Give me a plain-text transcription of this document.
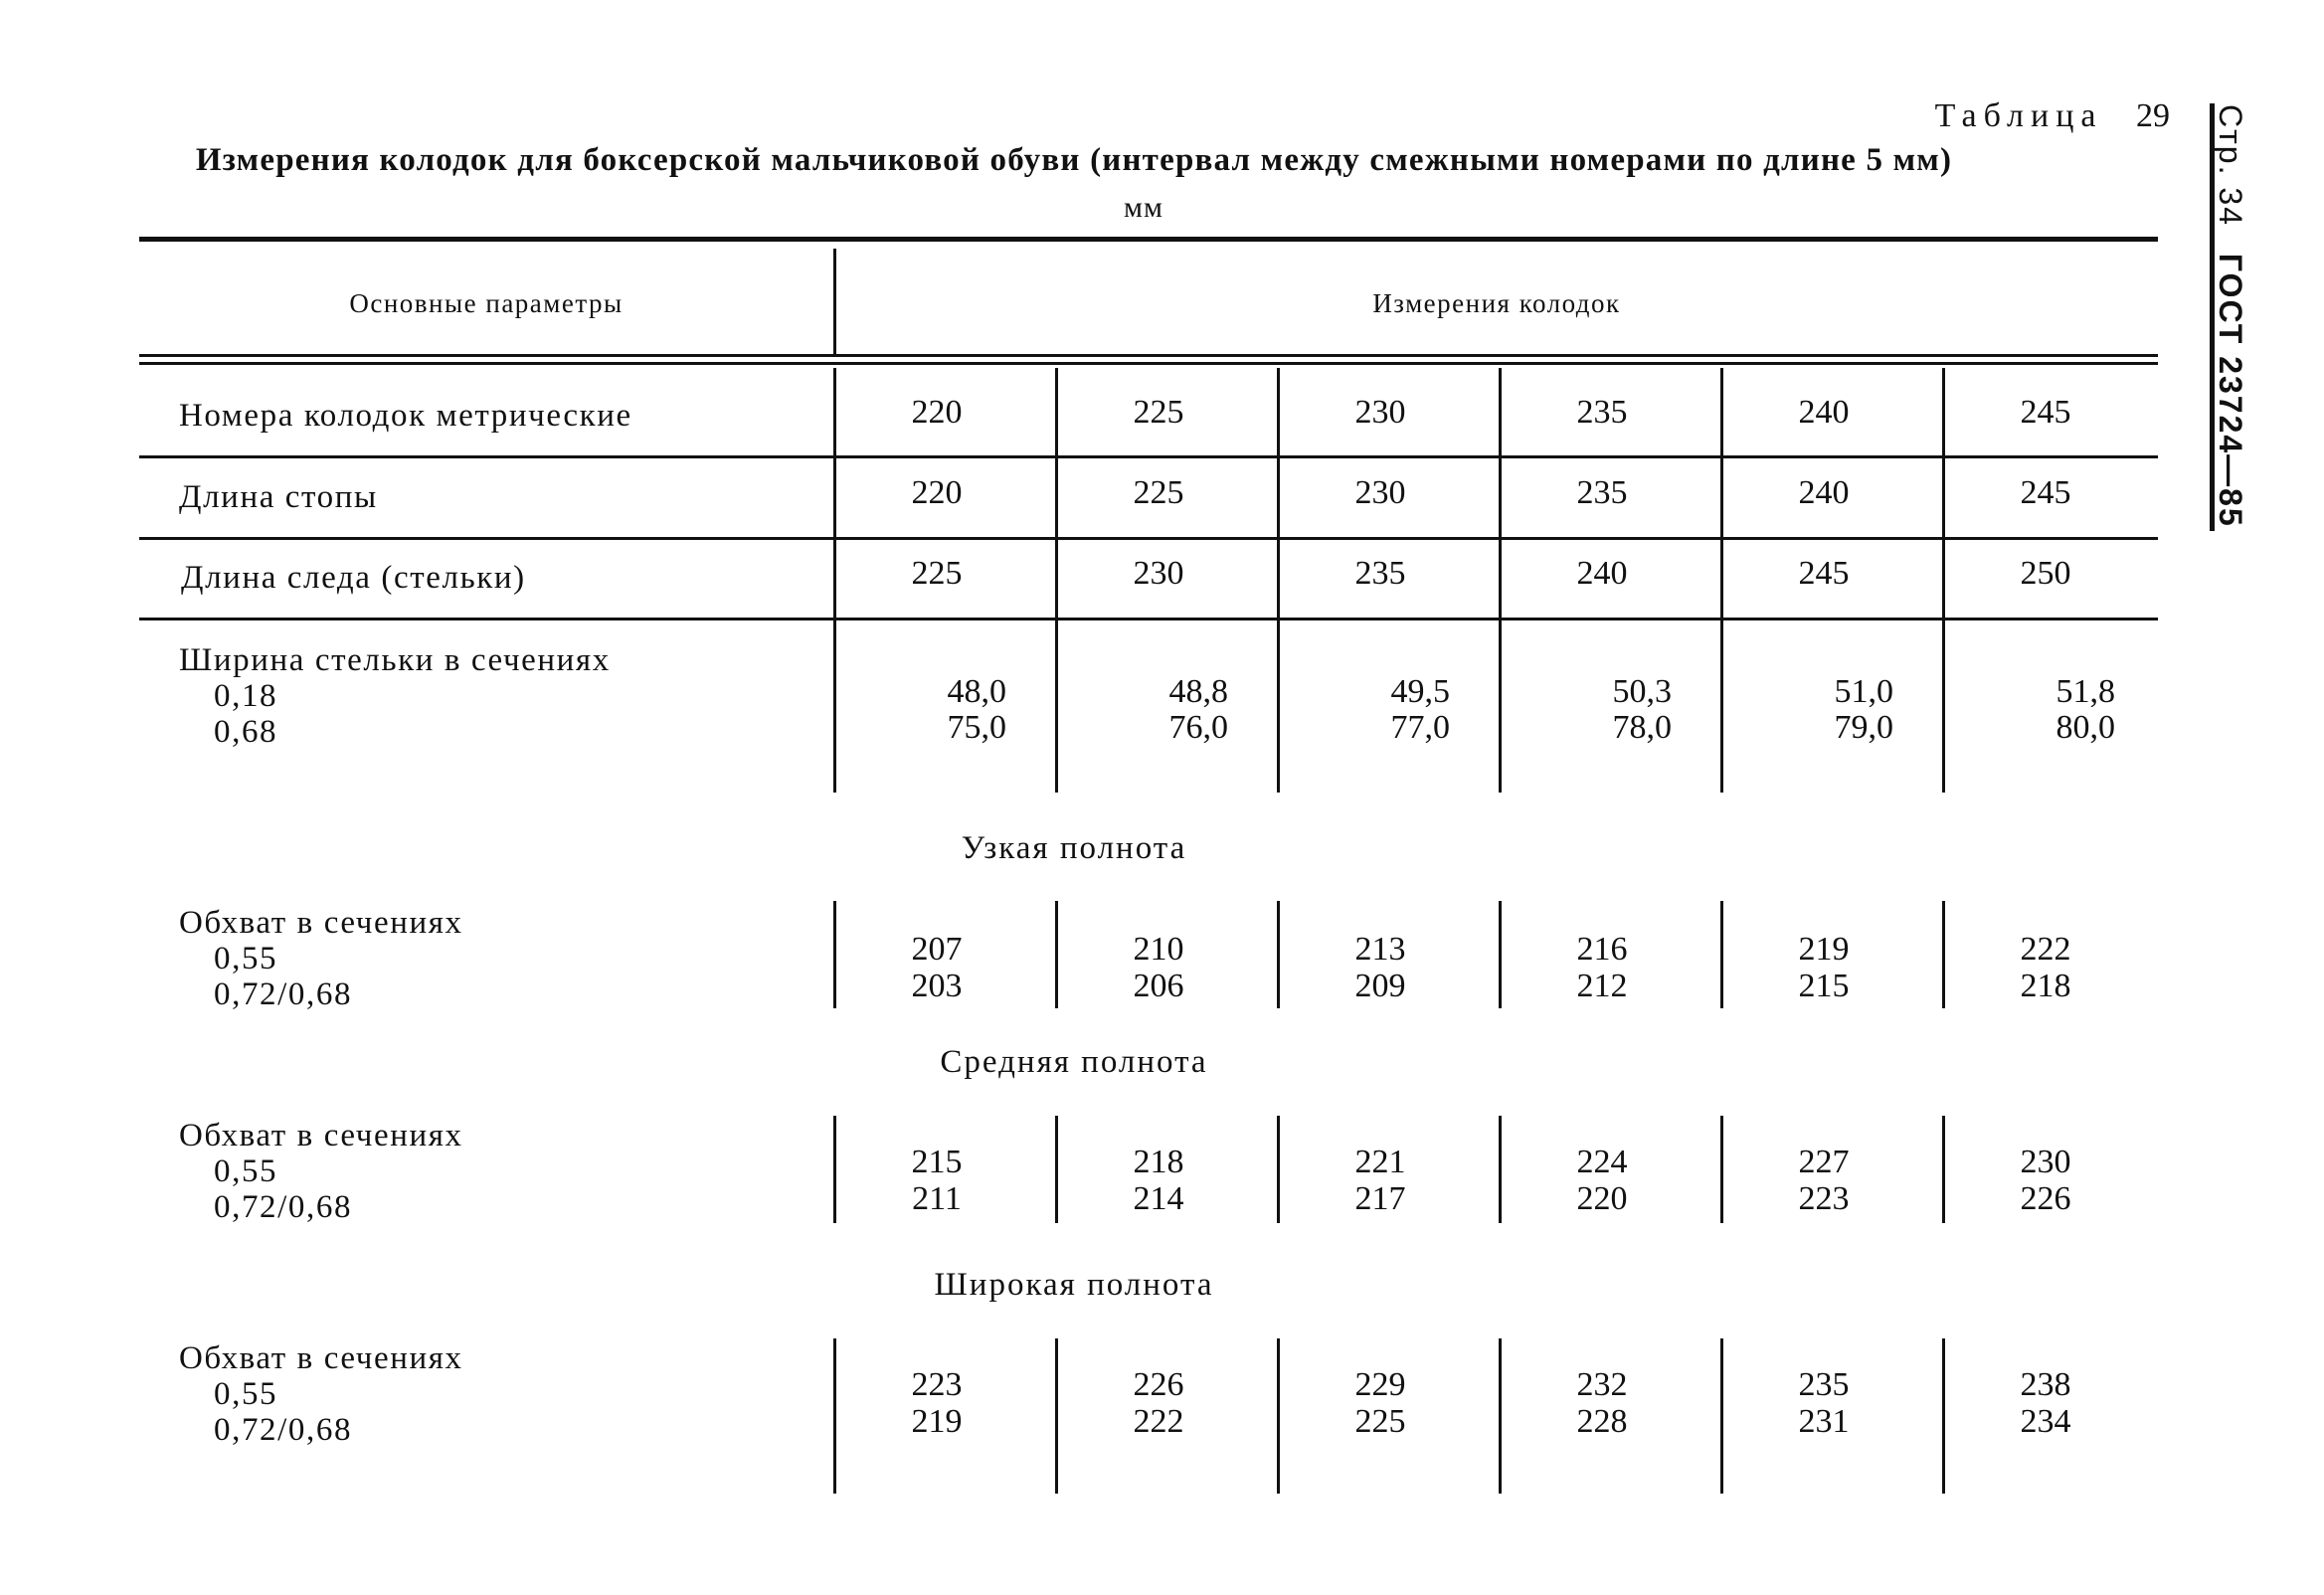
Таблица 29
Измерения колодок для боксерской мальчиковой обуви (интервал между смежными номерами по длине 5 мм)
мм	Стр. 34 ГОСТ 23724—85
Основные параметры	Измерения колодок
Номера колодок метрические	220	225	230	235	240	245
Длина стопы	220	225	230	235	240	245
Длина следа (стельки)	225	230	235	240	245	250
Ширина стельки в сечениях
0,18
0,68
48,0	48,8	49,5	50,3	51,0	51,8
75,0	76,0	77,0	78,0	79,0	80,0
Узкая полнота
Обхват в сечениях
0,55
0,72/0,68
207	210	213	216	219	222
203	206	209	212	215	218
Средняя полнота
Обхват в сечениях
0,55
0,72/0,68
215	218	221	224	227	230
211	214	217	220	223	226
Широкая полнота
Обхват в сечениях
0,55
0,72/0,68
223	226	229	232	235	238
219	222	225	228	231	234
